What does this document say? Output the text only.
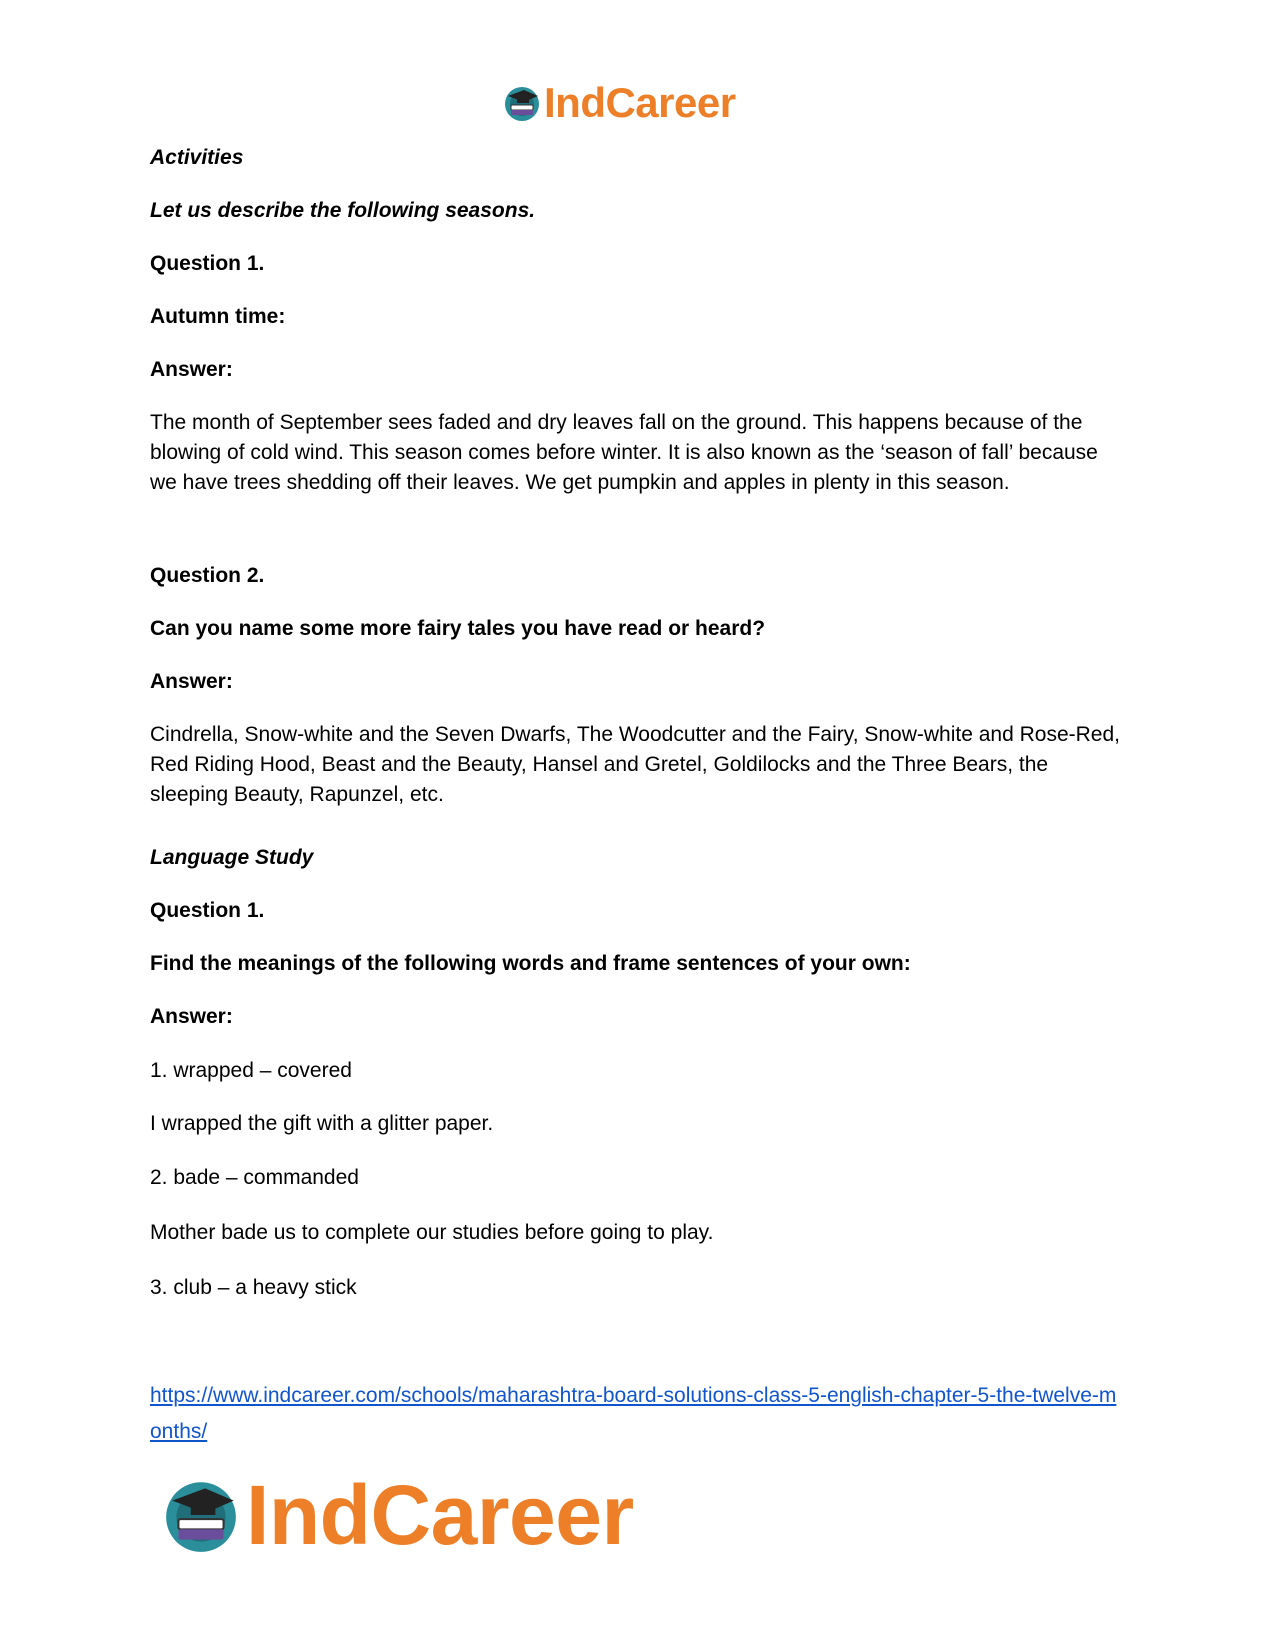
IndCareer

Activities

Let us describe the following seasons.

Question 1.

Autumn time:

Answer:

The month of September sees faded and dry leaves fall on the ground. This happens because of the blowing of cold wind. This season comes before winter. It is also known as the ‘season of fall’ because we have trees shedding off their leaves. We get pumpkin and apples in plenty in this season.

Question 2.

Can you name some more fairy tales you have read or heard?

Answer:

Cindrella, Snow-white and the Seven Dwarfs, The Woodcutter and the Fairy, Snow-white and Rose-Red, Red Riding Hood, Beast and the Beauty, Hansel and Gretel, Goldilocks and the Three Bears, the sleeping Beauty, Rapunzel, etc.

Language Study

Question 1.

Find the meanings of the following words and frame sentences of your own:

Answer:

1. wrapped – covered

I wrapped the gift with a glitter paper.

2. bade – commanded

Mother bade us to complete our studies before going to play.

3. club – a heavy stick

https://www.indcareer.com/schools/maharashtra-board-solutions-class-5-english-chapter-5-the-twelve-months/
IndCareer
